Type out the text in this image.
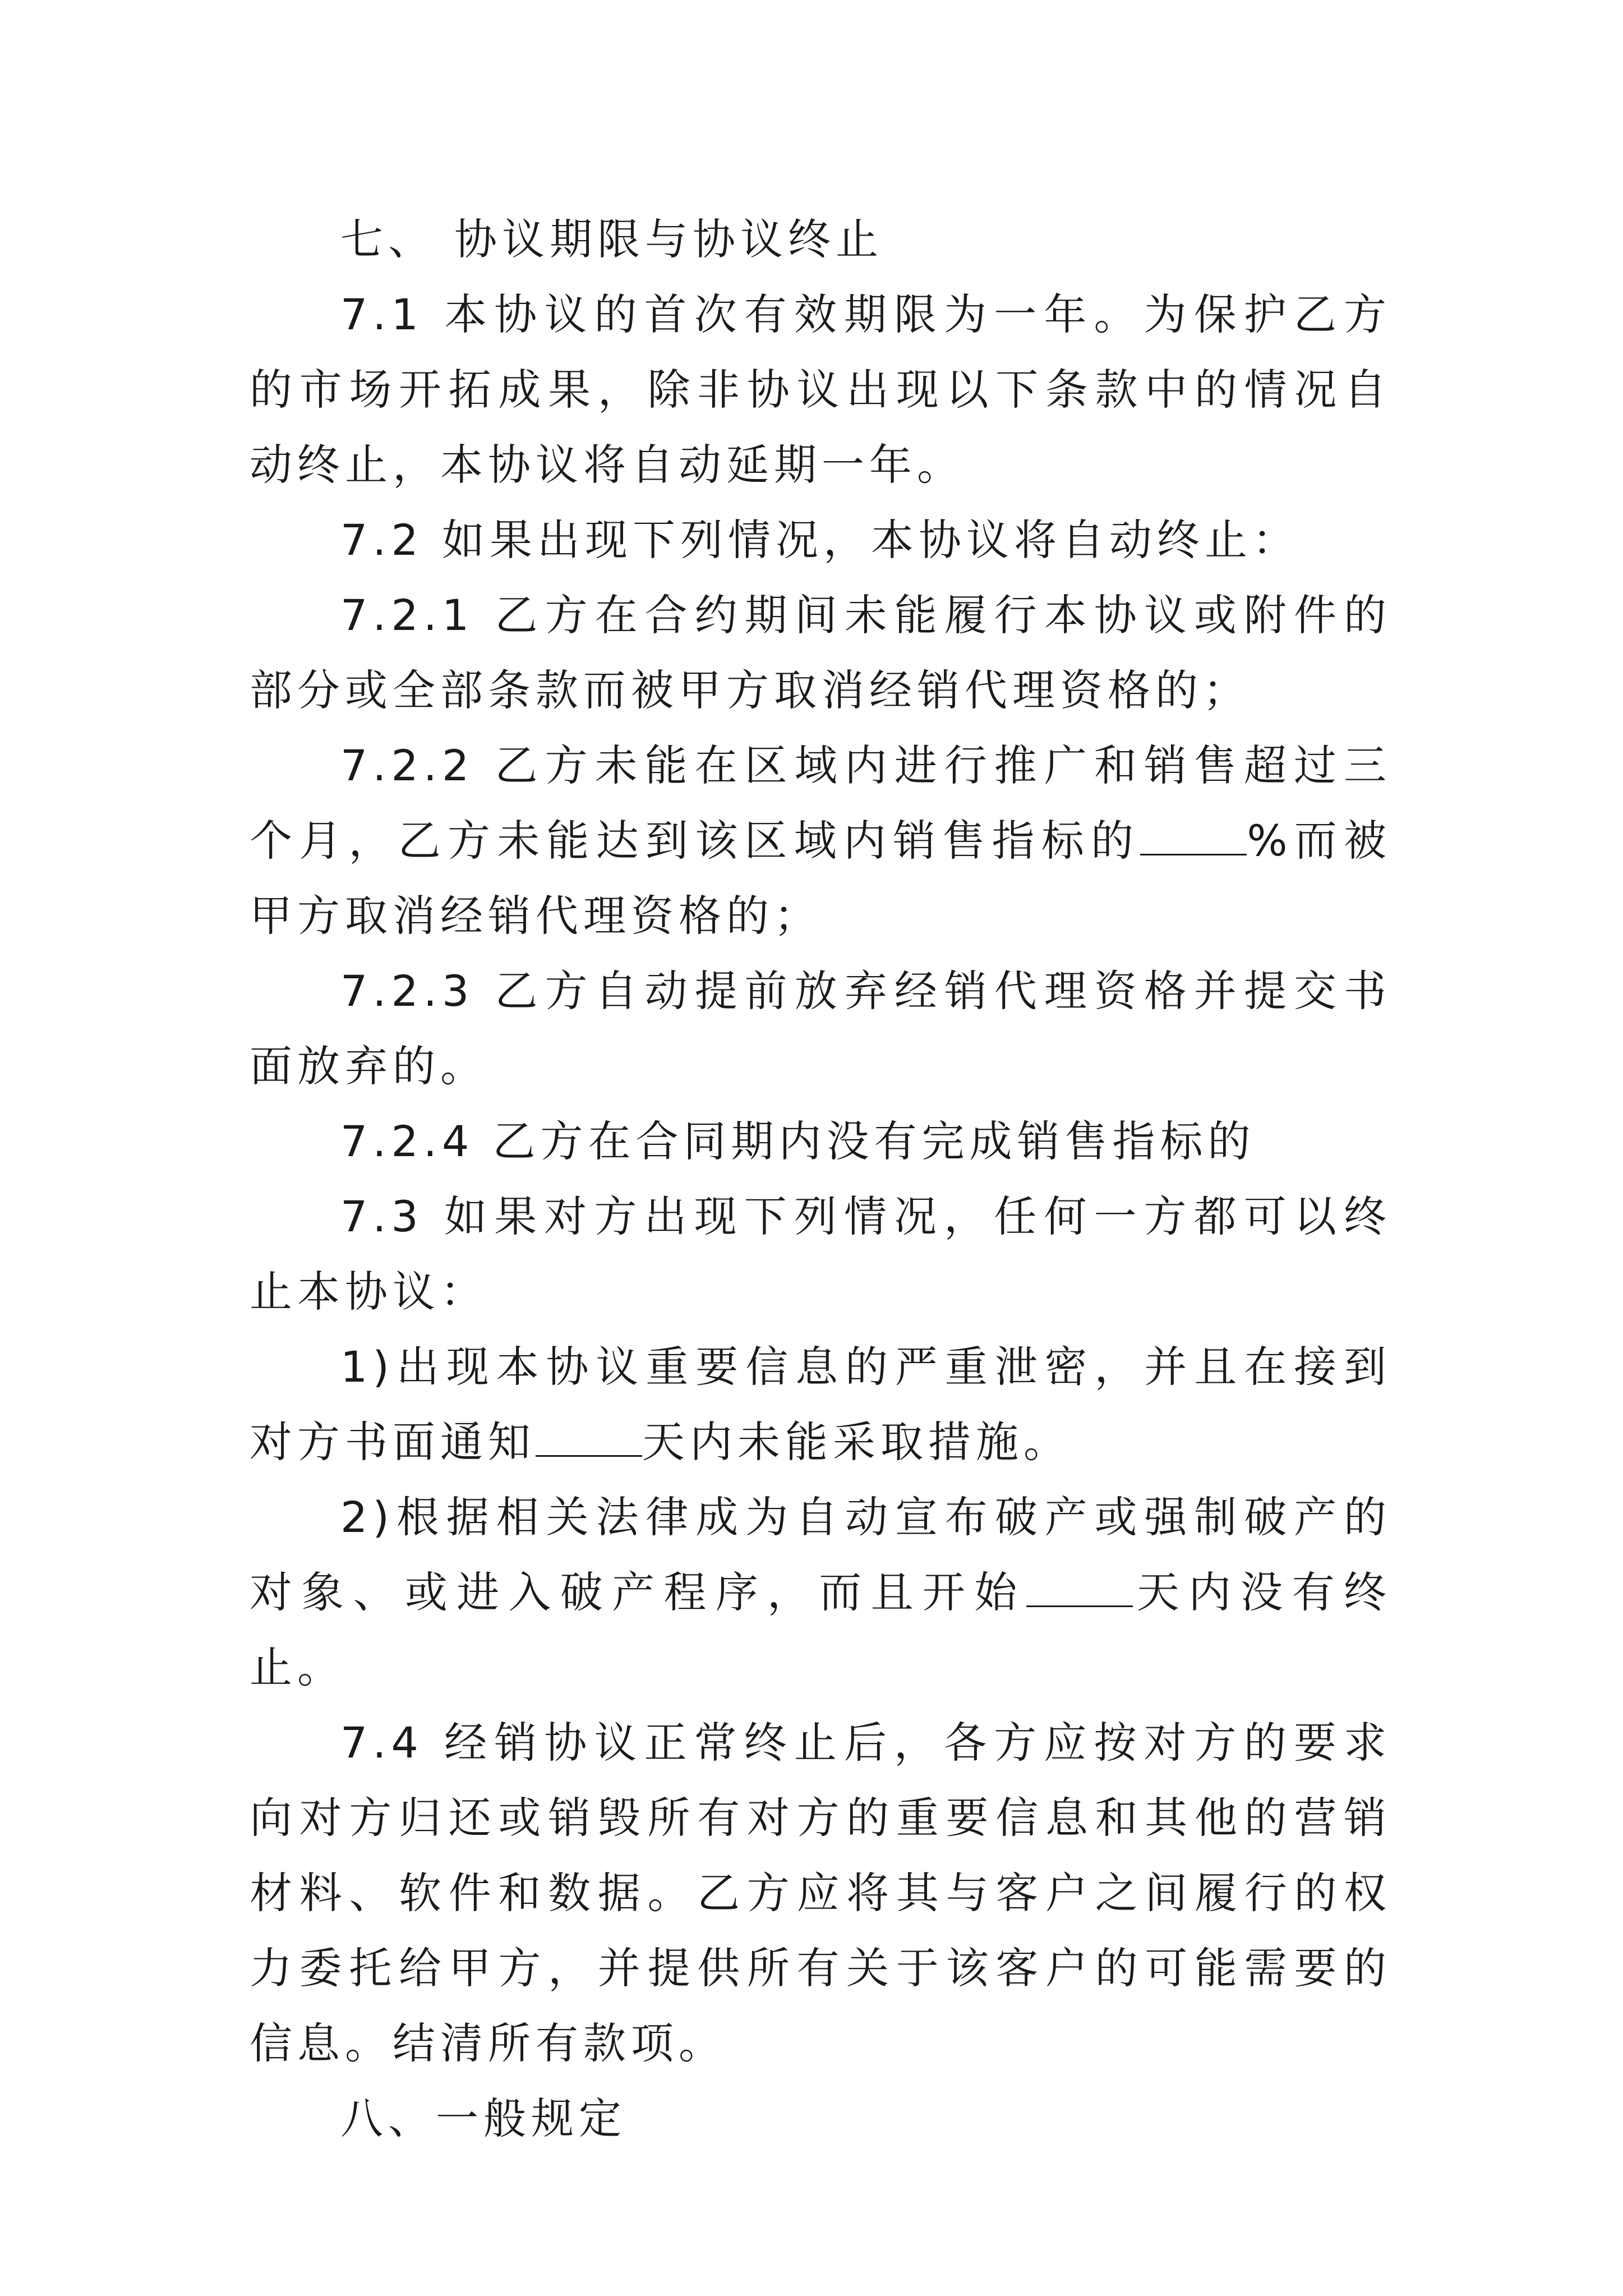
七、 协议期限与协议终止

7.1 本协议的首次有效期限为一年。为保护乙方的市场开拓成果，除非协议出现以下条款中的情况自动终止，本协议将自动延期一年。

7.2 如果出现下列情况，本协议将自动终止：

7.2.1 乙方在合约期间未能履行本协议或附件的部分或全部条款而被甲方取消经销代理资格的；

7.2.2 乙方未能在区域内进行推广和销售超过三个月，乙方未能达到该区域内销售指标的	%而被甲方取消经销代理资格的；

7.2.3 乙方自动提前放弃经销代理资格并提交书面放弃的。

7.2.4 乙方在合同期内没有完成销售指标的

7.3 如果对方出现下列情况，任何一方都可以终止本协议：

1)出现本协议重要信息的严重泄密，并且在接到对方书面通知	天内未能采取措施。

2)根据相关法律成为自动宣布破产或强制破产的对象、或进入破产程序，而且开始	天内没有终止。

7.4 经销协议正常终止后，各方应按对方的要求向对方归还或销毁所有对方的重要信息和其他的营销材料、软件和数据。乙方应将其与客户之间履行的权力委托给甲方，并提供所有关于该客户的可能需要的信息。结清所有款项。

八、一般规定
